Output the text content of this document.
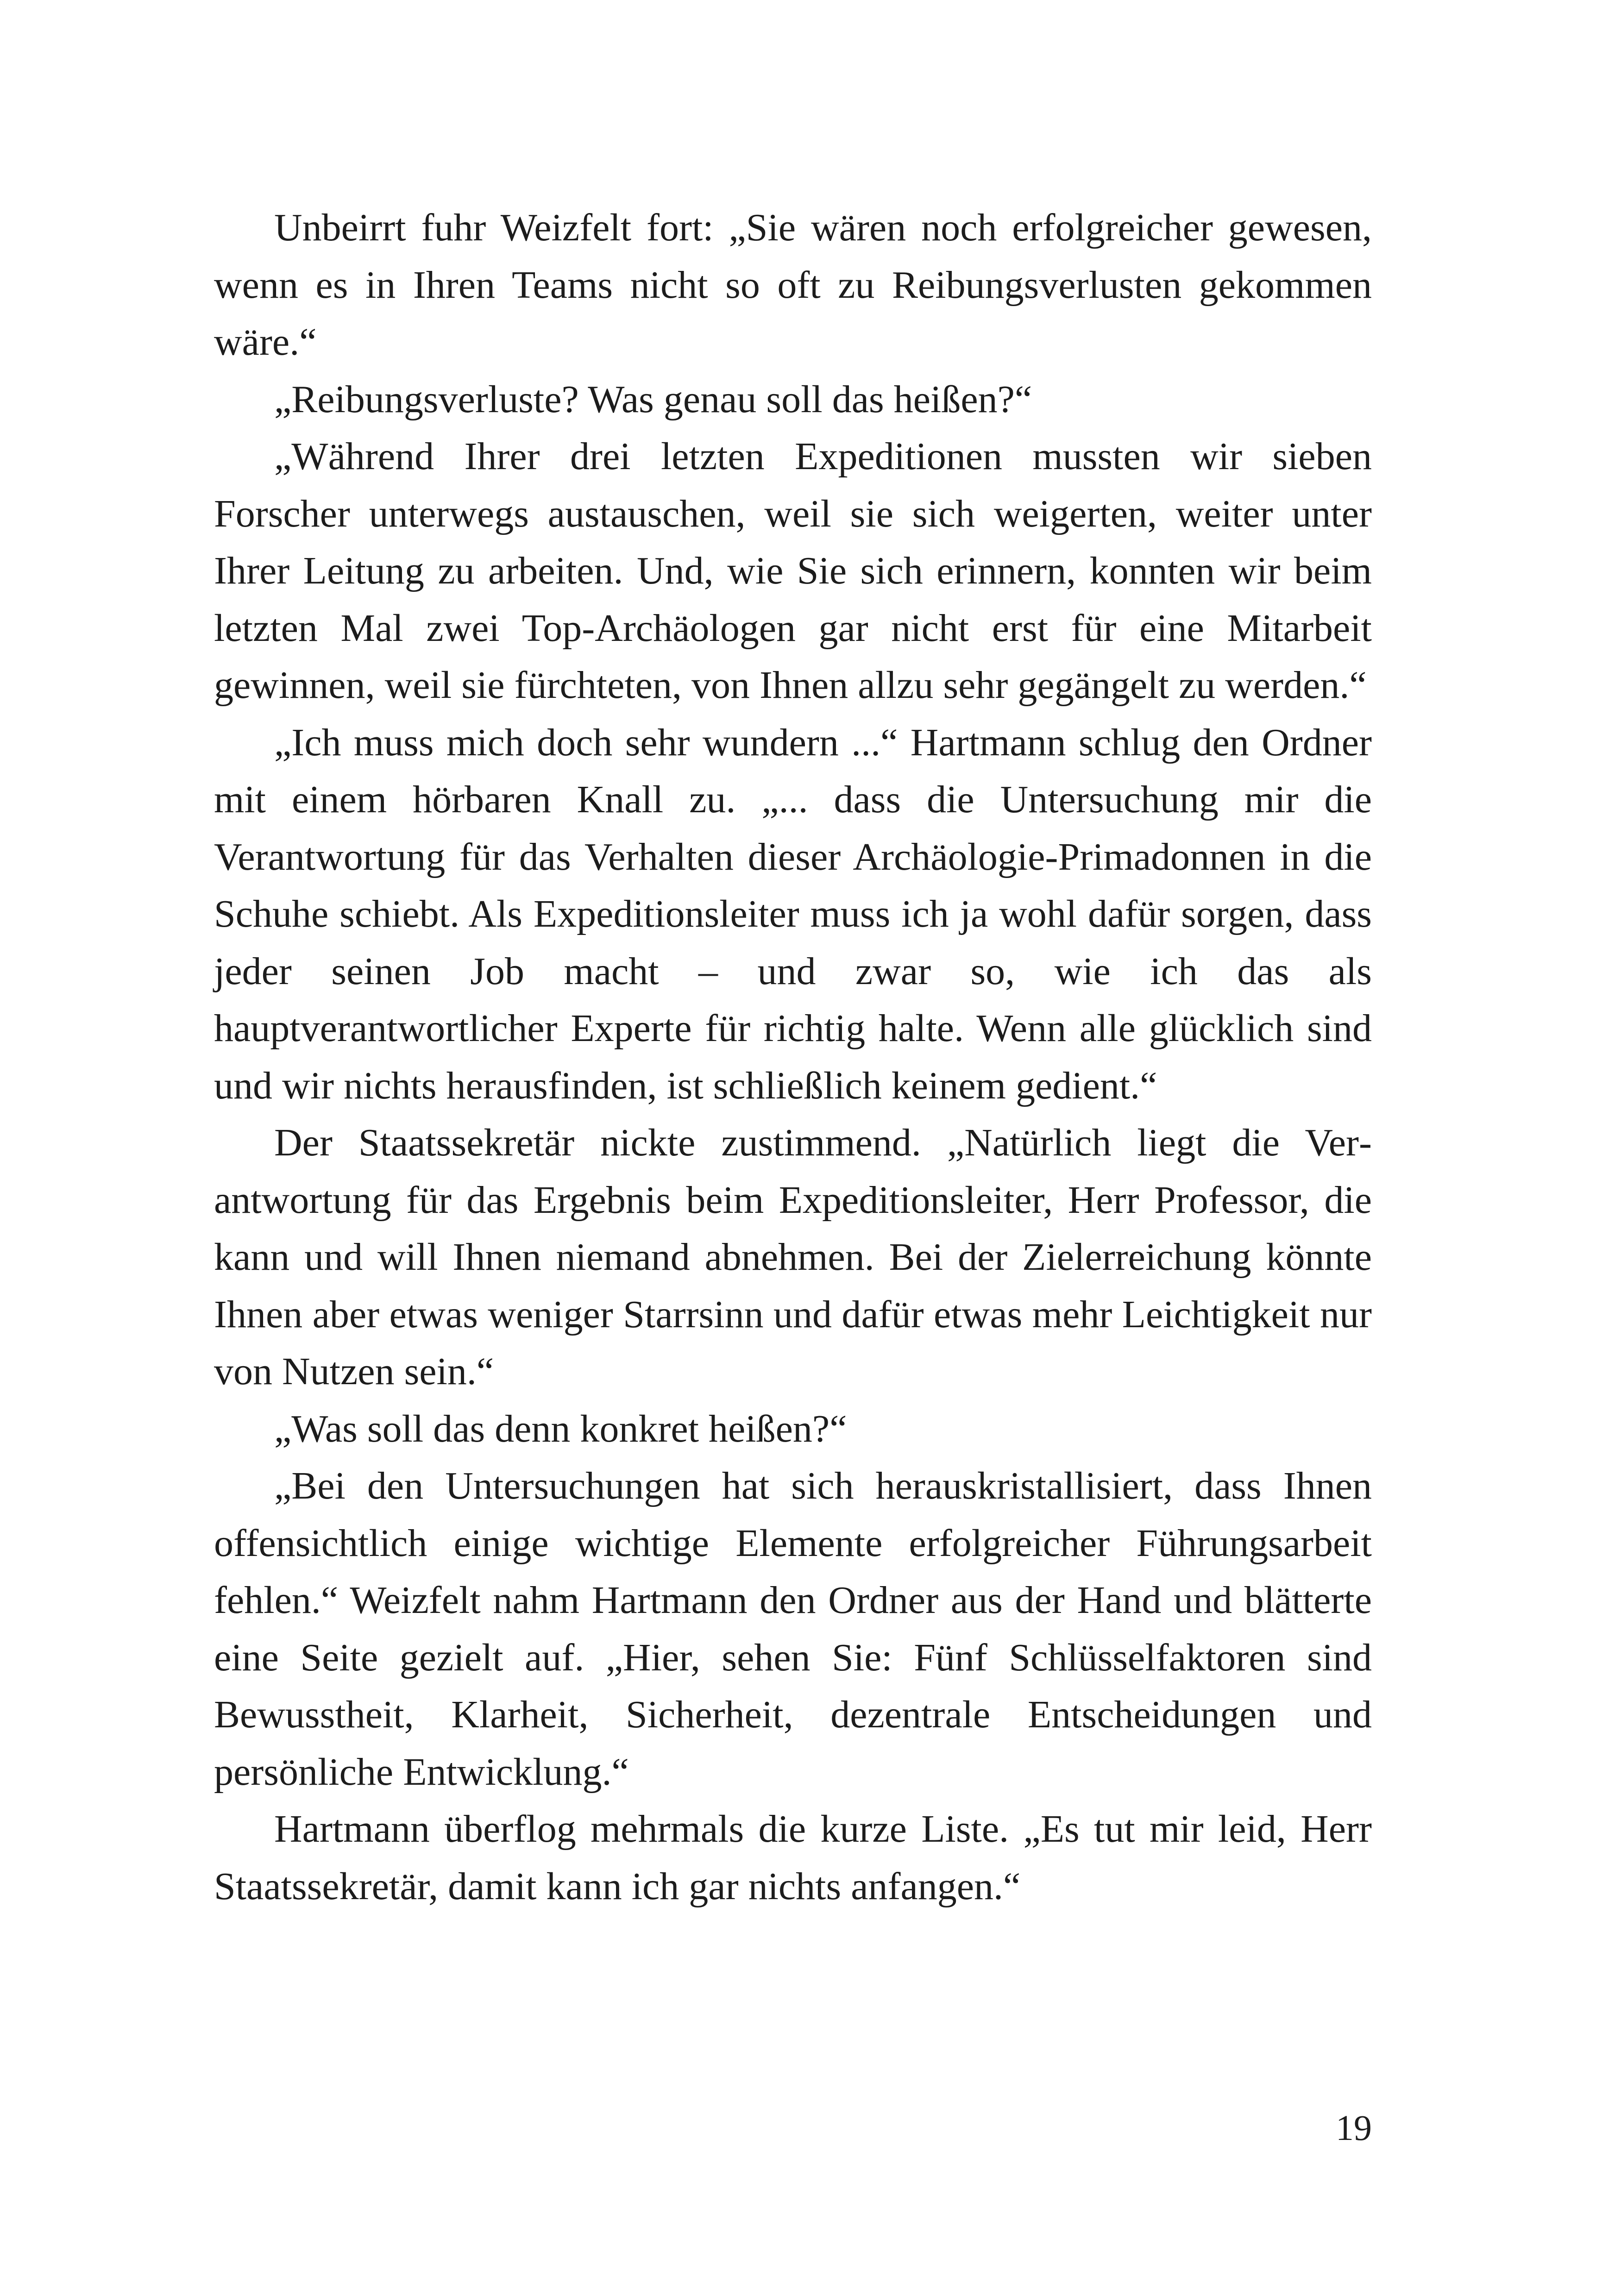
Unbeirrt fuhr Weizfelt fort: „Sie wären noch erfolgreicher gewesen, wenn es in Ihren Teams nicht so oft zu Reibungsverlusten gekommen wäre.“

„Reibungsverluste? Was genau soll das heißen?“

„Während Ihrer drei letzten Expeditionen mussten wir sieben Forscher unterwegs austauschen, weil sie sich weigerten, weiter unter Ihrer Leitung zu arbeiten. Und, wie Sie sich erinnern, konnten wir beim letzten Mal zwei Top-Archäologen gar nicht erst für eine Mitarbeit gewinnen, weil sie fürchteten, von Ihnen allzu sehr gegängelt zu werden.“

„Ich muss mich doch sehr wundern ...“ Hartmann schlug den Ordner mit einem hörbaren Knall zu. „... dass die Untersuchung mir die Verantwortung für das Verhalten dieser Archäologie-Primadonnen in die Schuhe schiebt. Als Expeditionsleiter muss ich ja wohl dafür sorgen, dass jeder seinen Job macht – und zwar so, wie ich das als hauptverantwortlicher Experte für richtig halte. Wenn alle glücklich sind und wir nichts herausfinden, ist schließlich keinem gedient.“

Der Staatssekretär nickte zustimmend. „Natürlich liegt die Verantwortung für das Ergebnis beim Expeditionsleiter, Herr Professor, die kann und will Ihnen niemand abnehmen. Bei der Zielerreichung könnte Ihnen aber etwas weniger Starrsinn und dafür etwas mehr Leichtigkeit nur von Nutzen sein.“

„Was soll das denn konkret heißen?“

„Bei den Untersuchungen hat sich herauskristallisiert, dass Ihnen offensichtlich einige wichtige Elemente erfolgreicher Führungsarbeit fehlen.“ Weizfelt nahm Hartmann den Ordner aus der Hand und blätterte eine Seite gezielt auf. „Hier, sehen Sie: Fünf Schlüsselfaktoren sind Bewusstheit, Klarheit, Sicherheit, dezentrale Entscheidungen und persönliche Entwicklung.“

Hartmann überflog mehrmals die kurze Liste. „Es tut mir leid, Herr Staatssekretär, damit kann ich gar nichts anfangen.“

19
